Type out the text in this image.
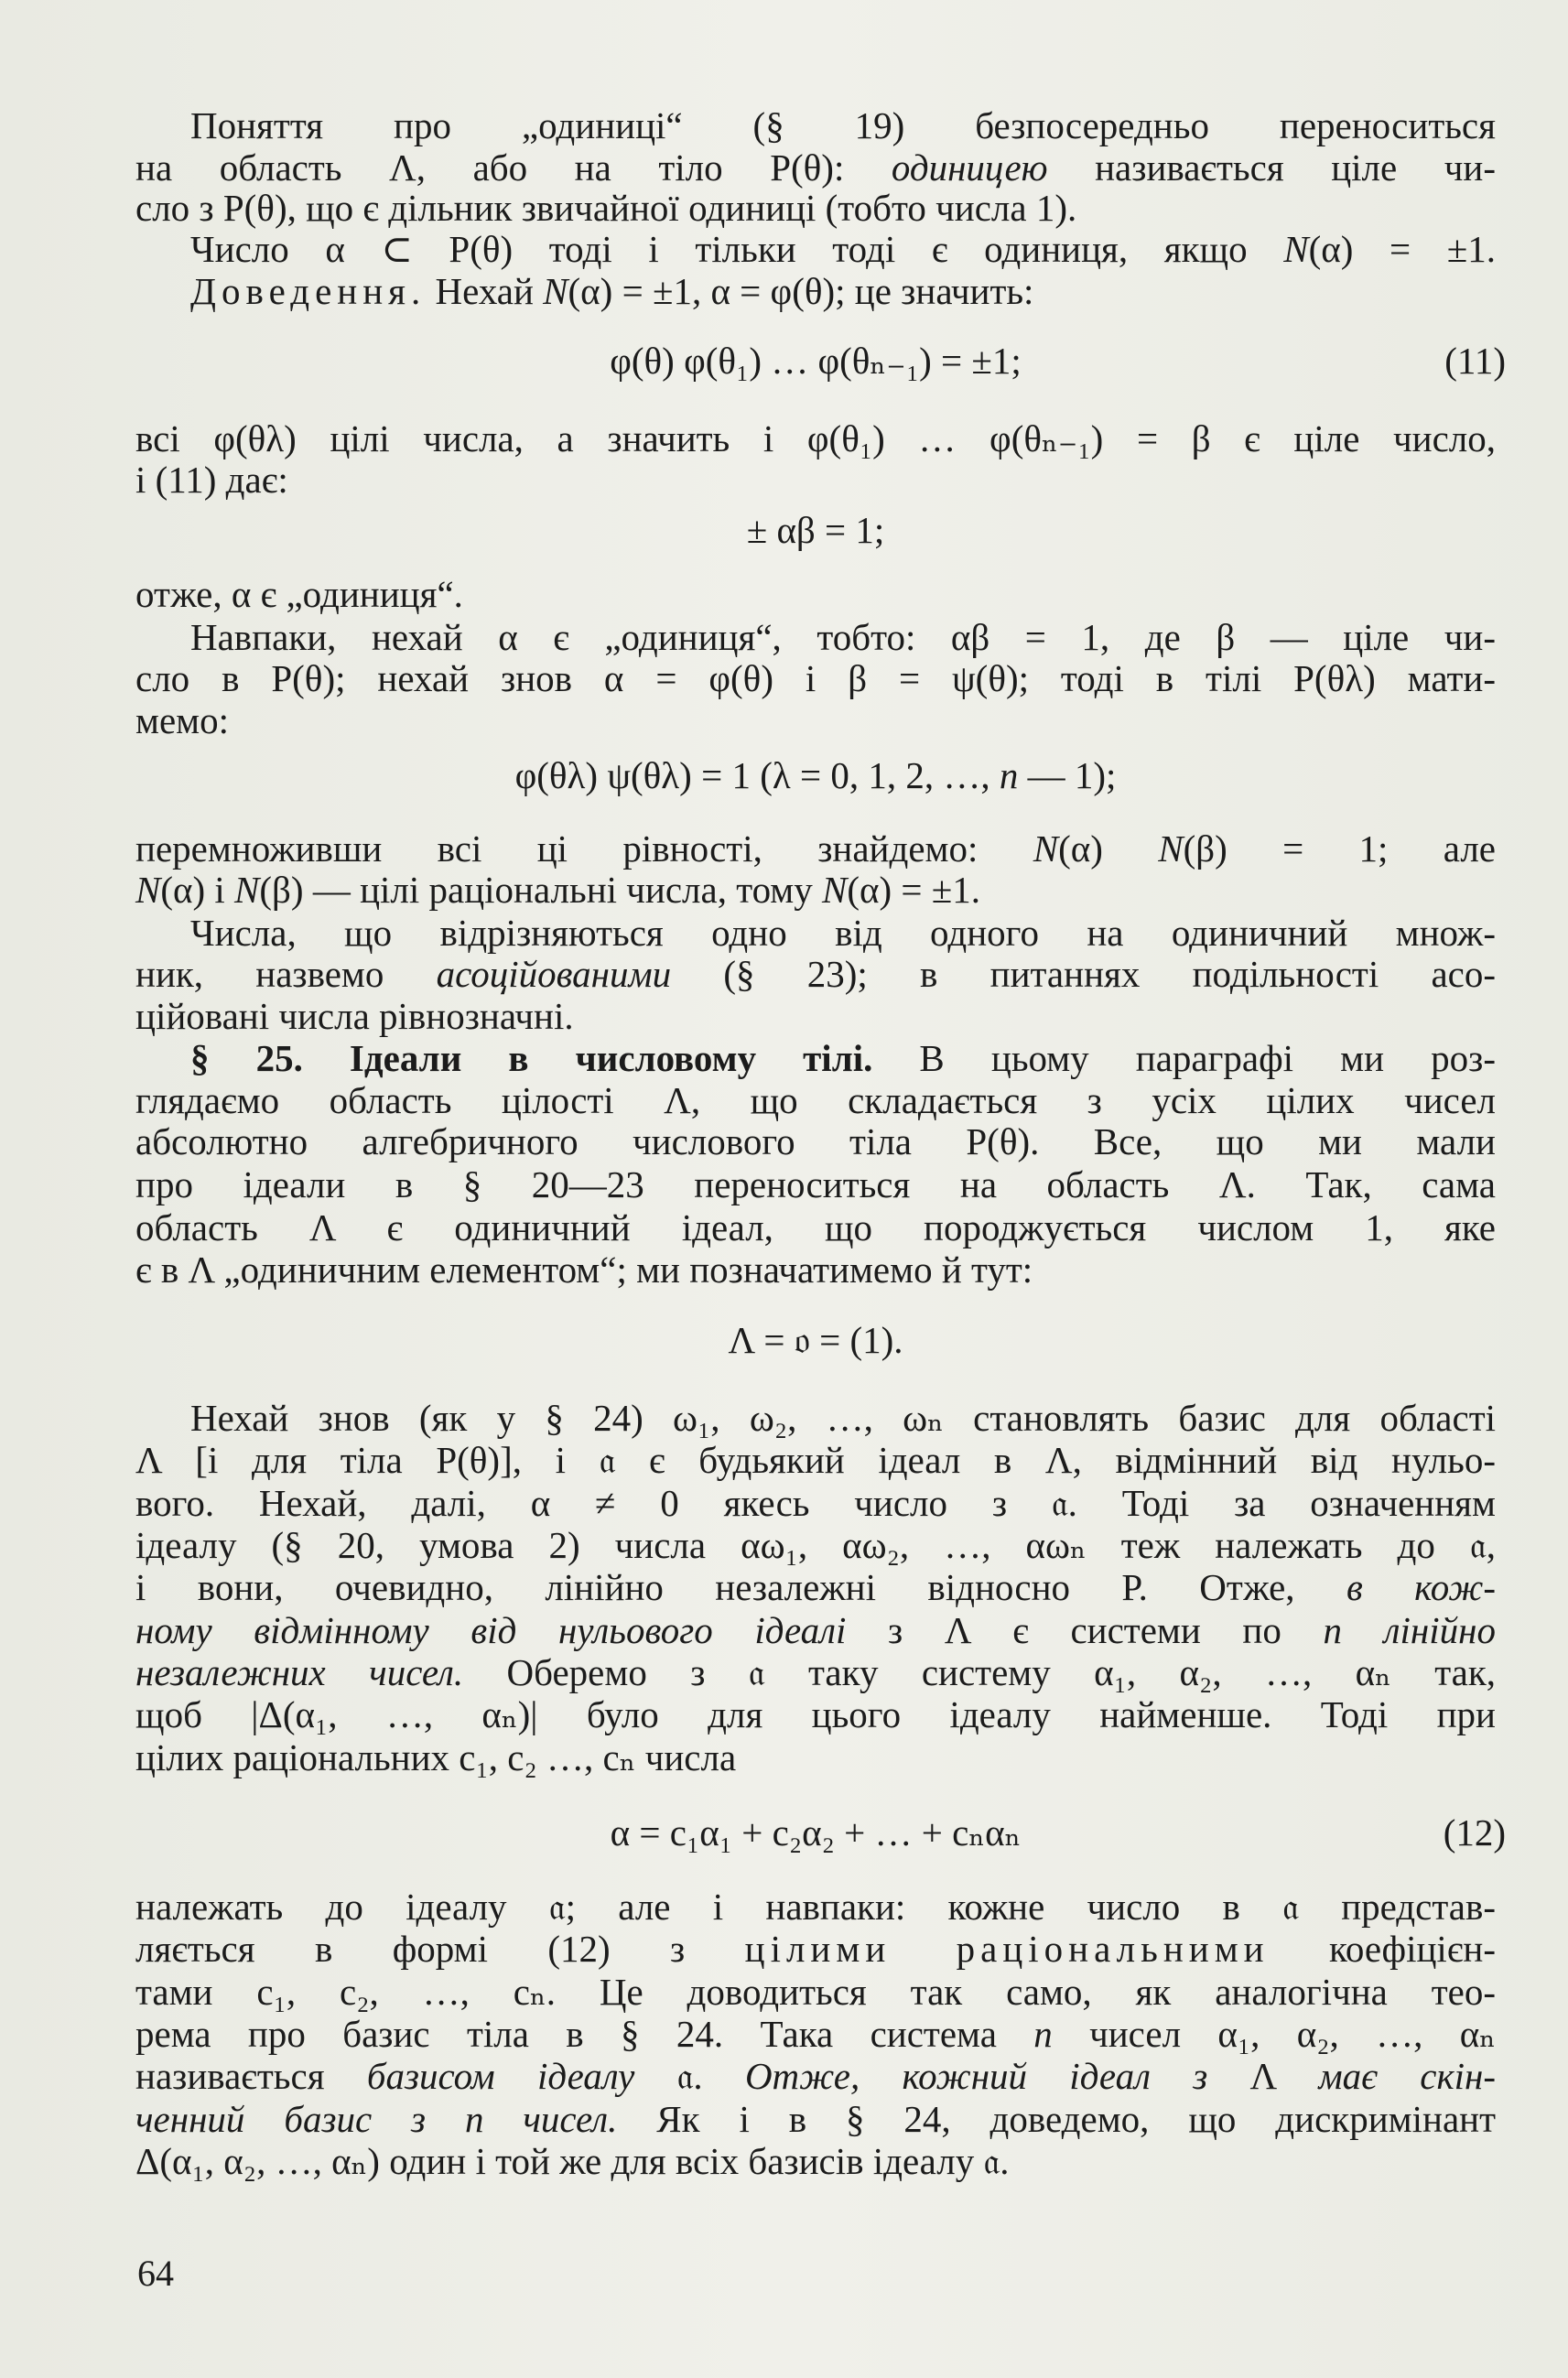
Поняття про „одиниці“ (§ 19) безпосередньо переноситься
на область Λ, або на тіло P(θ): одиницею називається ціле чи-
сло з P(θ), що є дільник звичайної одиниці (тобто числа 1).
Число α ⊂ P(θ) тоді і тільки тоді є одиниця, якщо N(α) = ±1.
Доведення. Нехай N(α) = ±1, α = φ(θ); це значить:
φ(θ) φ(θ₁) … φ(θₙ₋₁) = ±1;	(11)
всі φ(θλ) цілі числа, а значить і φ(θ₁) … φ(θₙ₋₁) = β є ціле число,
і (11) дає:
± αβ = 1;
отже, α є „одиниця“.
Навпаки, нехай α є „одиниця“, тобто: αβ = 1, де β — ціле чи-
сло в P(θ); нехай знов α = φ(θ) і β = ψ(θ); тоді в тілі P(θλ) мати-
мемо:
φ(θλ) ψ(θλ) = 1 (λ = 0, 1, 2, …, n — 1);
перемноживши всі ці рівності, знайдемо: N(α) N(β) = 1; але
N(α) і N(β) — цілі раціональні числа, тому N(α) = ±1.
Числа, що відрізняються одно від одного на одиничний множ-
ник, назвемо асоційованими (§ 23); в питаннях подільності асо-
ційовані числа рівнозначні.
§ 25. Ідеали в числовому тілі. В цьому параграфі ми роз-
глядаємо область цілості Λ, що складається з усіх цілих чисел
абсолютно алгебричного числового тіла P(θ). Все, що ми мали
про ідеали в § 20—23 переноситься на область Λ. Так, сама
область Λ є одиничний ідеал, що породжується числом 1, яке
є в Λ „одиничним елементом“; ми позначатимемо й тут:
Λ = 𝔬 = (1).
Нехай знов (як у § 24) ω₁, ω₂, …, ωₙ становлять базис для області
Λ [і для тіла P(θ)], і 𝔞 є будьякий ідеал в Λ, відмінний від нульо-
вого. Нехай, далі, α ≠ 0 якесь число з 𝔞. Тоді за означенням
ідеалу (§ 20, умова 2) числа αω₁, αω₂, …, αωₙ теж належать до 𝔞,
і вони, очевидно, лінійно незалежні відносно P. Отже, в кож-
ному відмінному від нульового ідеалі з Λ є системи по n лінійно
незалежних чисел. Оберемо з 𝔞 таку систему α₁, α₂, …, αₙ так,
щоб |Δ(α₁, …, αₙ)| було для цього ідеалу найменше. Тоді при
цілих раціональних c₁, c₂ …, cₙ числа
α = c₁α₁ + c₂α₂ + … + cₙαₙ	(12)
належать до ідеалу 𝔞; але і навпаки: кожне число в 𝔞 представ-
ляється в формі (12) з цілими раціональними коефіцієн-
тами c₁, c₂, …, cₙ. Це доводиться так само, як аналогічна тео-
рема про базис тіла в § 24. Така система n чисел α₁, α₂, …, αₙ
називається базисом ідеалу 𝔞. Отже, кожний ідеал з Λ має скін-
ченний базис з n чисел. Як і в § 24, доведемо, що дискримінант
Δ(α₁, α₂, …, αₙ) один і той же для всіх базисів ідеалу 𝔞.
64
